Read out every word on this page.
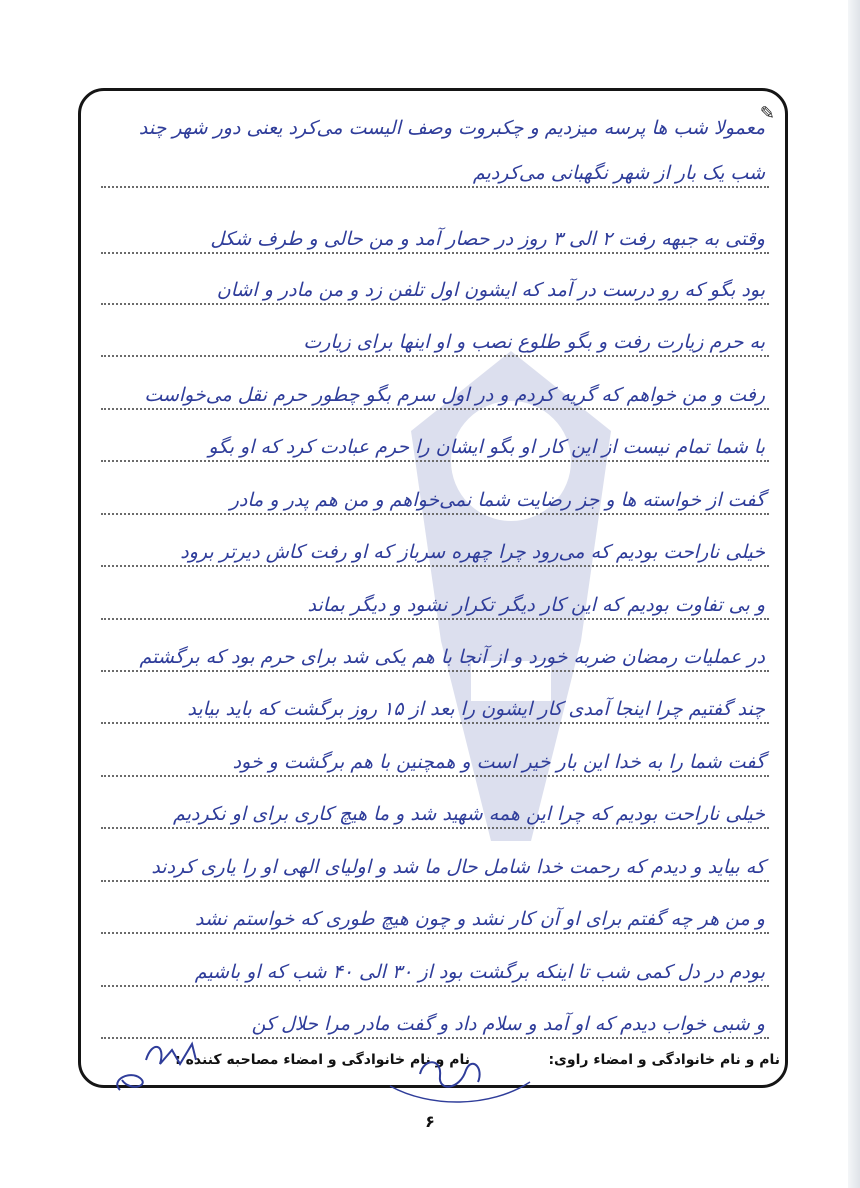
✎
معمولا شب ها پرسه میزدیم و چکبروت وصف الیست می‌کرد یعنی دور شهر چند
شب یک بار از شهر نگهبانی می‌کردیم
وقتی به جبهه رفت ۲ الی ۳ روز در حصار آمد و من حالی و طرف شکل
بود بگو که رو درست در آمد که ایشون اول تلفن زد و من مادر و اشان
به حرم زیارت رفت و بگو طلوع نصب و او اینها برای زیارت
رفت و من خواهم که گریه کردم و در اول سرم بگو چطور حرم نقل می‌خواست
با شما تمام نیست از این کار او بگو ایشان را حرم عبادت کرد که او بگو
گفت از خواسته ها و جز رضایت شما نمی‌خواهم و من هم پدر و مادر
خیلی ناراحت بودیم که می‌رود چرا چهره سرباز که او رفت کاش دیرتر برود
و بی تفاوت بودیم که این کار دیگر تکرار نشود و دیگر بماند
در عملیات رمضان ضربه خورد و از آنجا با هم یکی شد برای حرم بود که برگشتم
چند گفتیم چرا اینجا آمدی کار ایشون را بعد از ۱۵ روز برگشت که باید بیاید
گفت شما را به خدا این بار خیر است و همچنین با هم برگشت و خود
خیلی ناراحت بودیم که چرا این همه شهید شد و ما هیچ کاری برای او نکردیم
که بیاید و دیدم که رحمت خدا شامل حال ما شد و اولیای الهی او را یاری کردند
و من هر چه گفتم برای او آن کار نشد و چون هیچ طوری که خواستم نشد
بودم در دل کمی شب تا اینکه برگشت بود از ۳۰ الی ۴۰ شب که او باشیم
و شبی خواب دیدم که او آمد و سلام داد و گفت مادر مرا حلال کن
نام و نام خانوادگی و امضاء راوی:
نام و نام خانوادگی و امضاء مصاحبه کننده :
۶
